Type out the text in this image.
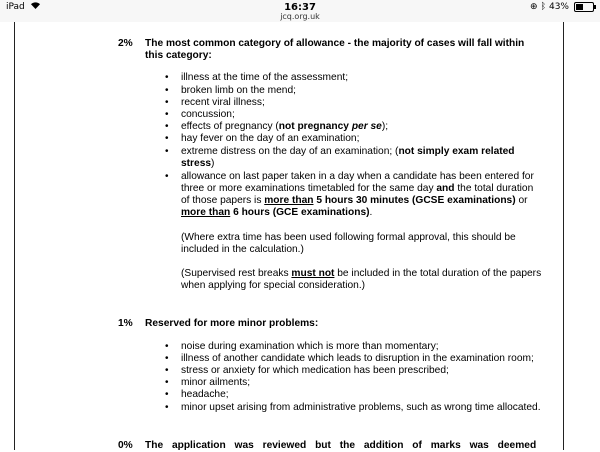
iPad	16:37
jcq.org.uk
⊕ ᛒ 43%
2% The most common category of allowance - the majority of cases will fall within
this category:
• illness at the time of the assessment;
• broken limb on the mend;
• recent viral illness;
• concussion;
• effects of pregnancy (not pregnancy per se);
• hay fever on the day of an examination;
• extreme distress on the day of an examination; (not simply exam related
stress)
• allowance on last paper taken in a day when a candidate has been entered for
three or more examinations timetabled for the same day and the total duration
of those papers is more than 5 hours 30 minutes (GCSE examinations) or
more than 6 hours (GCE examinations).
(Where extra time has been used following formal approval, this should be
included in the calculation.)
(Supervised rest breaks must not be included in the total duration of the papers
when applying for special consideration.)
1% Reserved for more minor problems:
• noise during examination which is more than momentary;
• illness of another candidate which leads to disruption in the examination room;
• stress or anxiety for which medication has been prescribed;
• minor ailments;
• headache;
• minor upset arising from administrative problems, such as wrong time allocated.
0% The application was reviewed but the addition of marks was deemed
